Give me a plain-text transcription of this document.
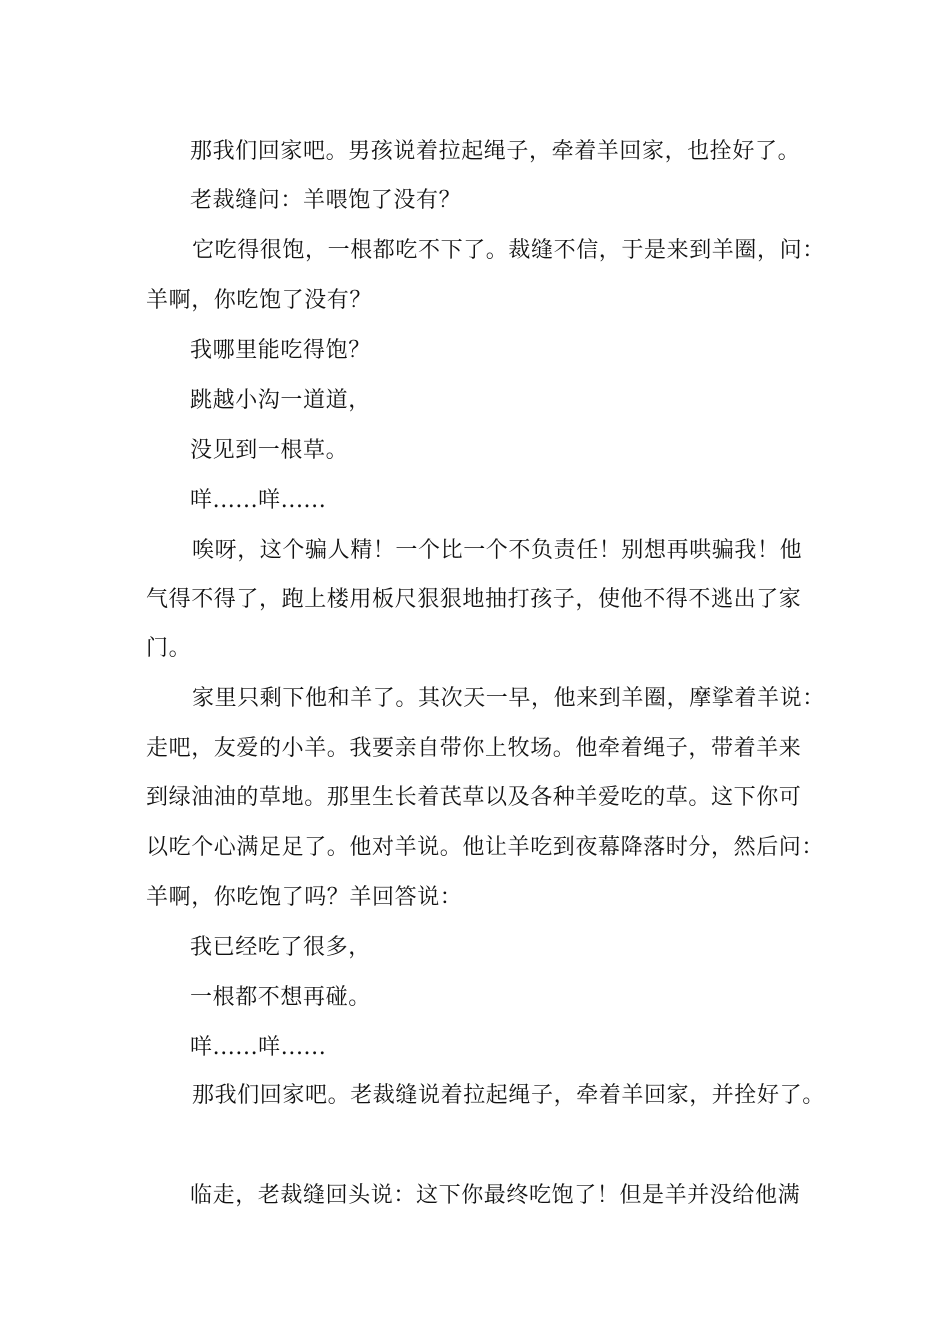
那我们回家吧。男孩说着拉起绳子，牵着羊回家，也拴好了。
老裁缝问：羊喂饱了没有？
它吃得很饱，一根都吃不下了。裁缝不信，于是来到羊圈，问：
羊啊，你吃饱了没有？
我哪里能吃得饱？
跳越小沟一道道，
没见到一根草。
咩......咩......
唉呀，这个骗人精！一个比一个不负责任！别想再哄骗我！他
气得不得了，跑上楼用板尺狠狠地抽打孩子，使他不得不逃出了家
门。
家里只剩下他和羊了。其次天一早，他来到羊圈，摩挲着羊说：
走吧，友爱的小羊。我要亲自带你上牧场。他牵着绳子，带着羊来
到绿油油的草地。那里生长着芪草以及各种羊爱吃的草。这下你可
以吃个心满足足了。他对羊说。他让羊吃到夜幕降落时分，然后问：
羊啊，你吃饱了吗？羊回答说：
我已经吃了很多，
一根都不想再碰。
咩......咩......
那我们回家吧。老裁缝说着拉起绳子，牵着羊回家，并拴好了。
临走，老裁缝回头说：这下你最终吃饱了！但是羊并没给他满
